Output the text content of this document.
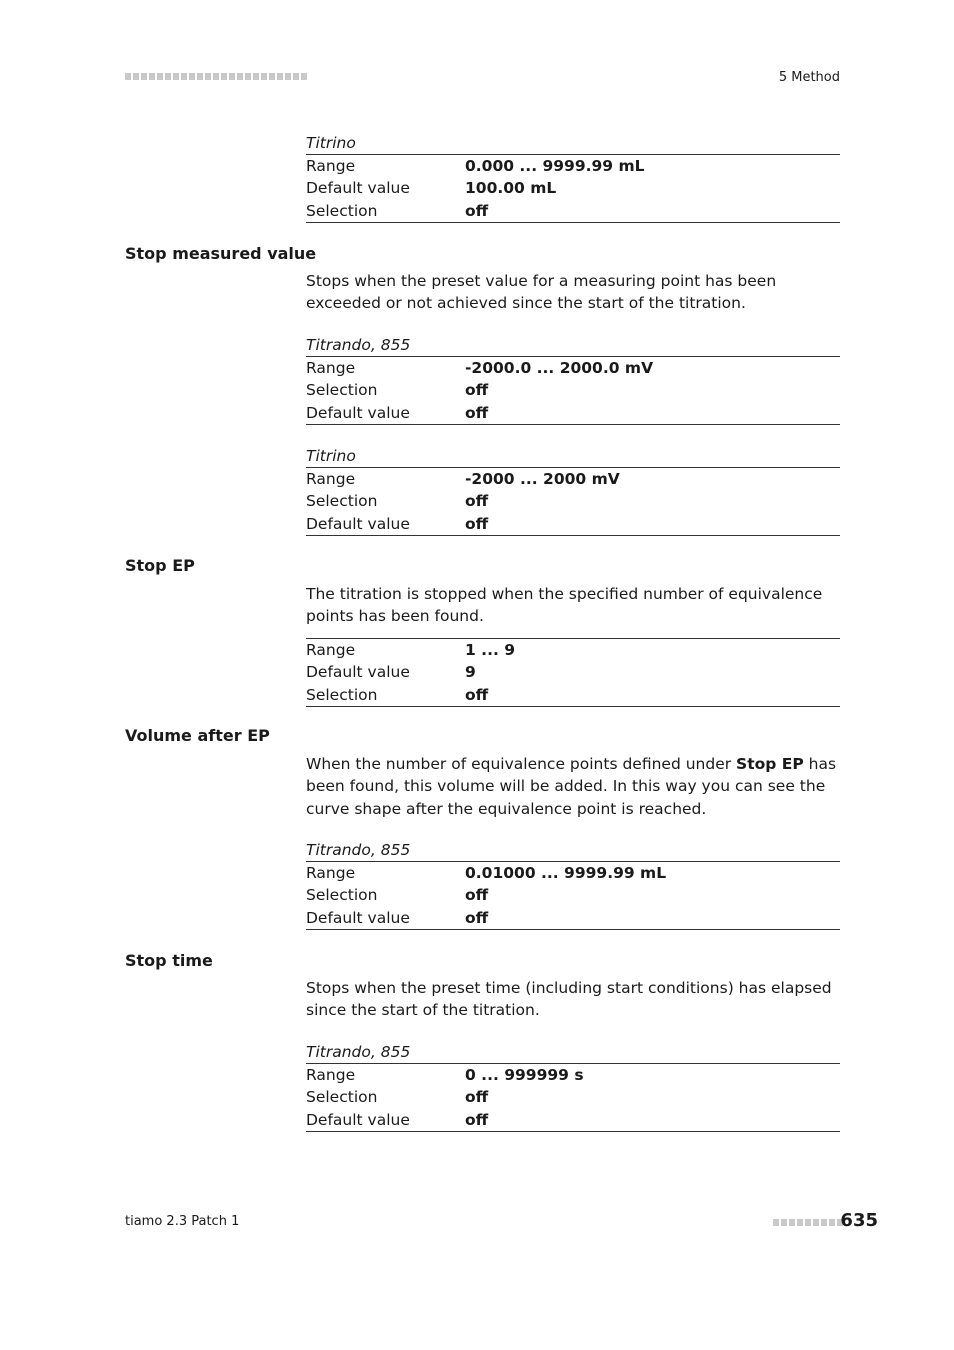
5 Method
Titrino
Range	0.000 ... 9999.99 mL
Default value	100.00 mL
Selection	off
Stop measured value
Stops when the preset value for a measuring point has been exceeded or not achieved since the start of the titration.
Titrando, 855
Range	-2000.0 ... 2000.0 mV
Selection	off
Default value	off
Titrino
Range	-2000 ... 2000 mV
Selection	off
Default value	off
Stop EP
The titration is stopped when the specified number of equivalence points has been found.
Range	1 ... 9
Default value	9
Selection	off
Volume after EP
When the number of equivalence points defined under Stop EP has been found, this volume will be added. In this way you can see the curve shape after the equivalence point is reached.
Titrando, 855
Range	0.01000 ... 9999.99 mL
Selection	off
Default value	off
Stop time
Stops when the preset time (including start conditions) has elapsed since the start of the titration.
Titrando, 855
Range	0 ... 999999 s
Selection	off
Default value	off
tiamo 2.3 Patch 1	635
